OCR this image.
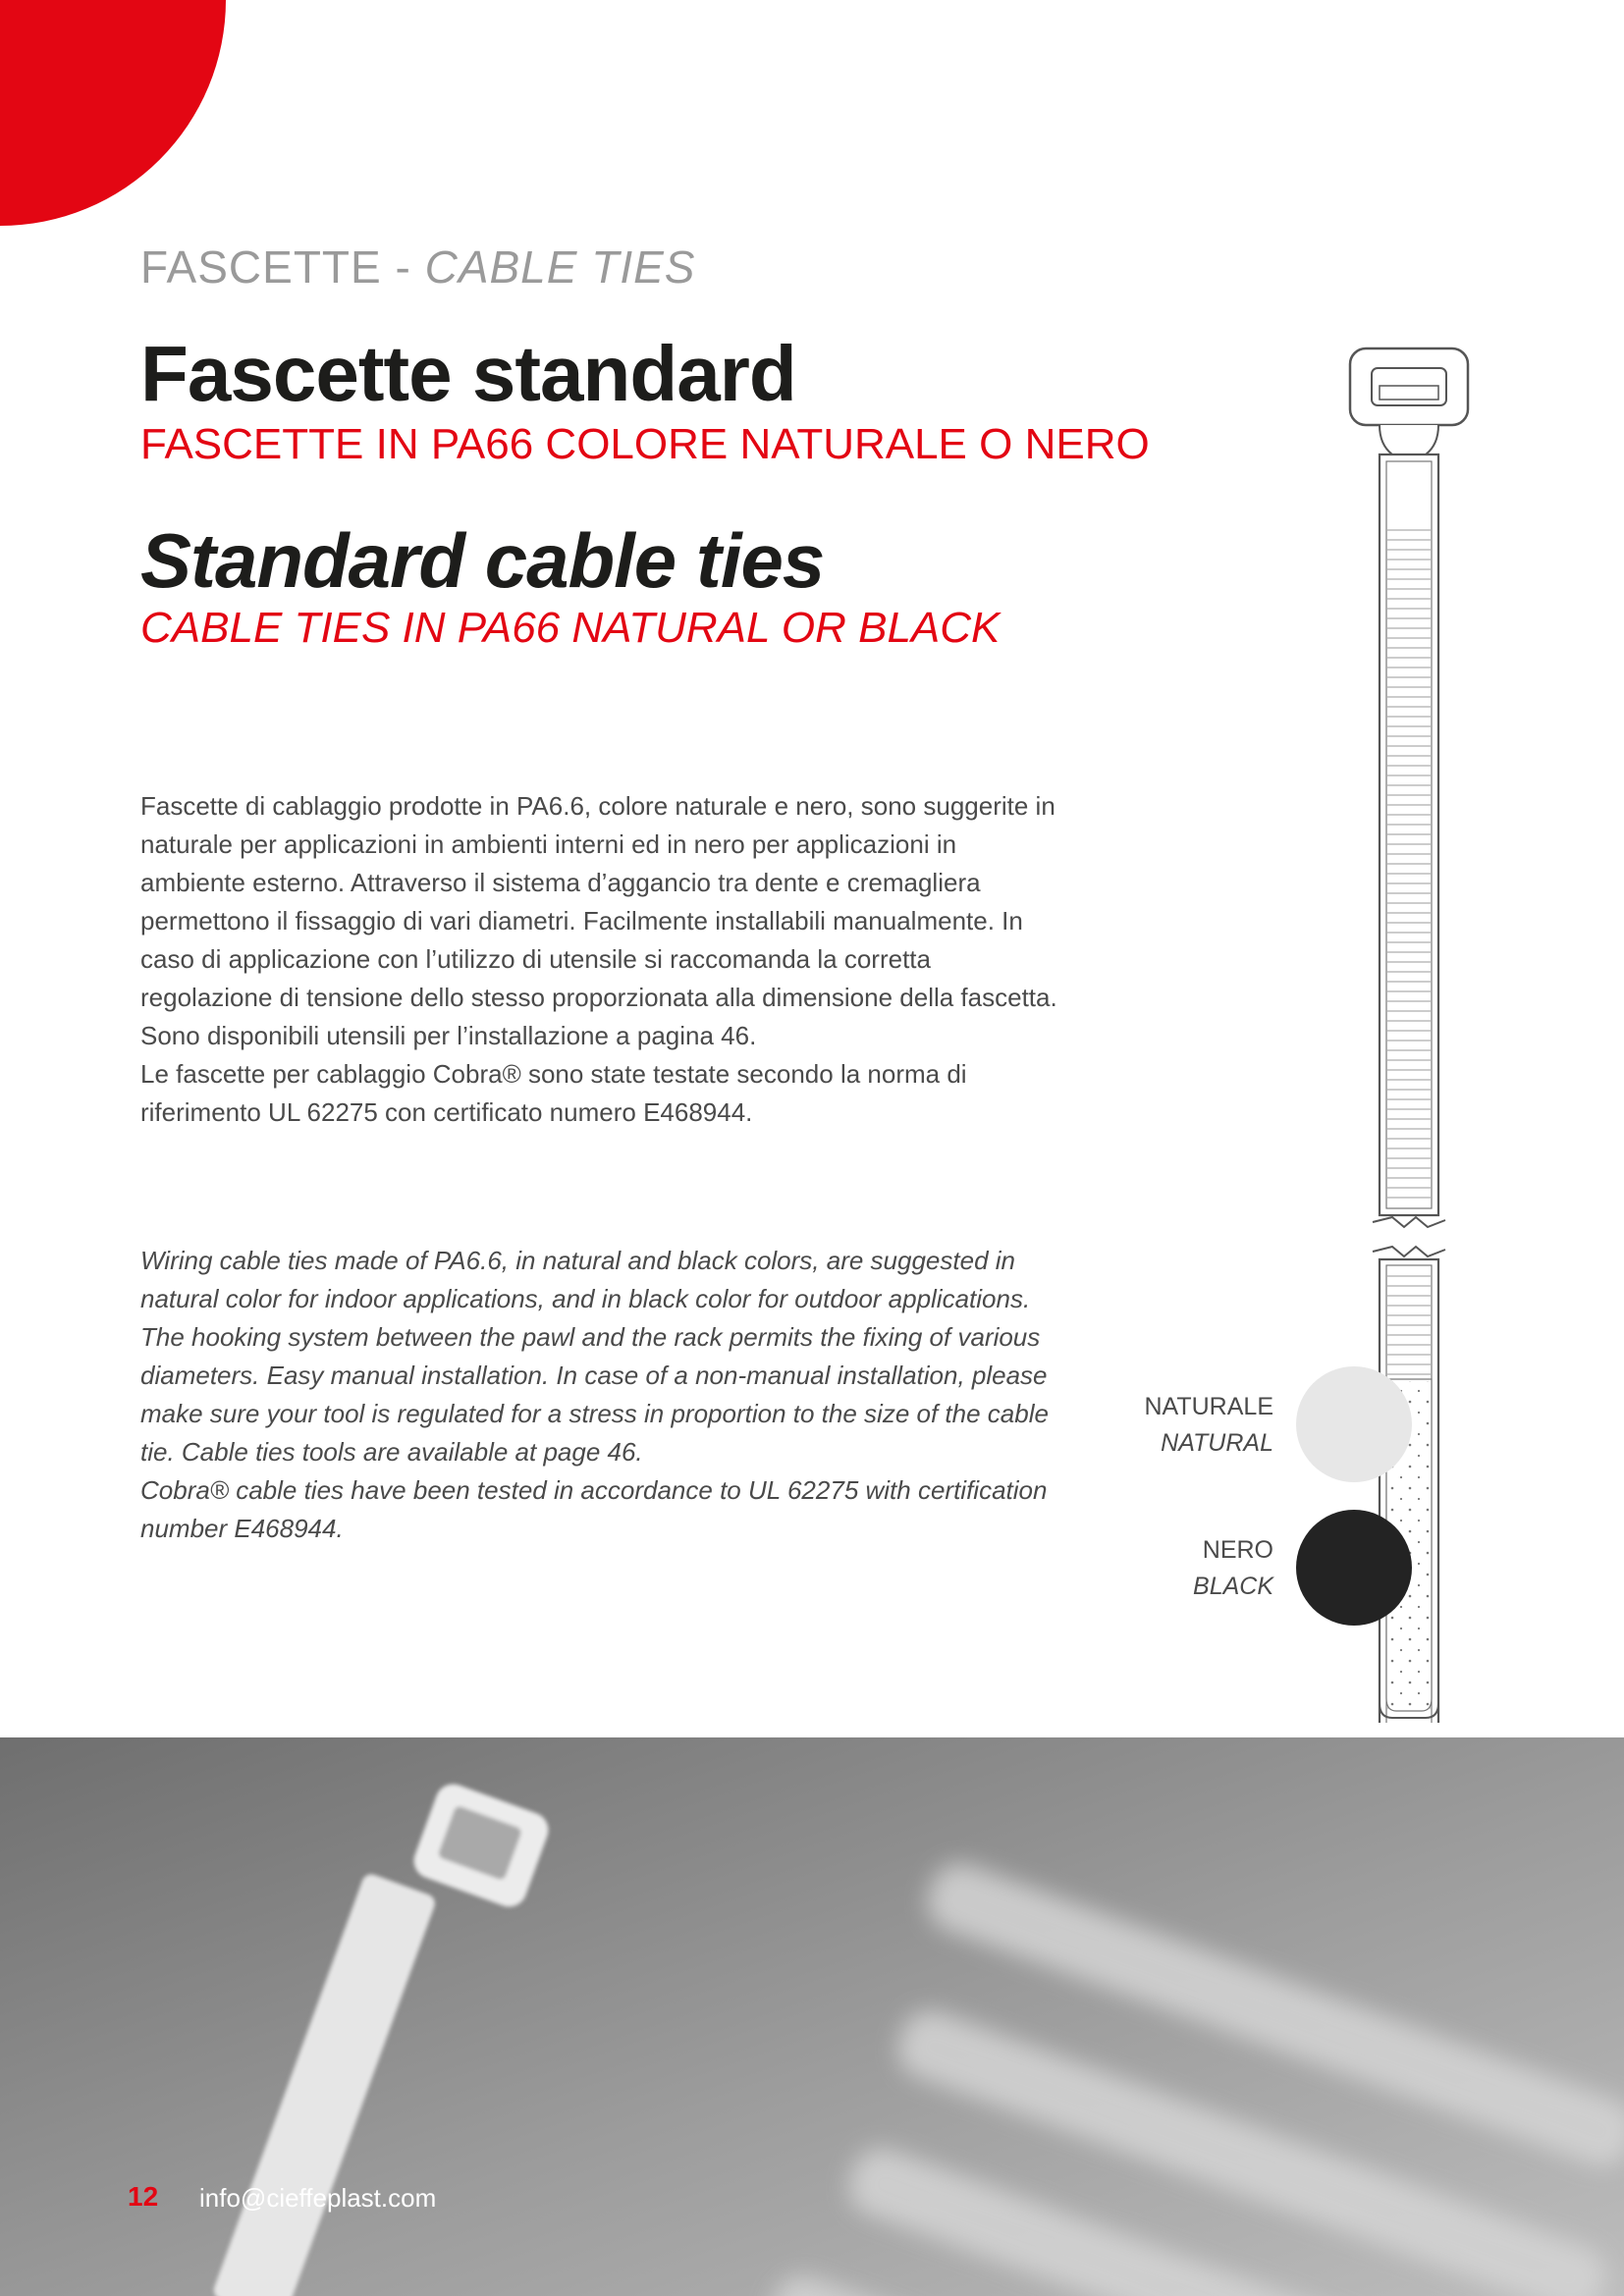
FASCETTE - CABLE TIES
Fascette standard
FASCETTE IN PA66 COLORE NATURALE O NERO
Standard cable ties
CABLE TIES IN PA66 NATURAL OR BLACK

Fascette di cablaggio prodotte in PA6.6, colore naturale e nero, sono suggerite in naturale per applicazioni in ambienti interni ed in nero per applicazioni in ambiente esterno. Attraverso il sistema d’aggancio tra dente e cremagliera permettono il fissaggio di vari diametri. Facilmente installabili manualmente. In caso di applicazione con l’utilizzo di utensile si raccomanda la corretta regolazione di tensione dello stesso proporzionata alla dimensione della fascetta. Sono disponibili utensili per l’installazione a pagina 46.

Le fascette per cablaggio Cobra® sono state testate secondo la norma di riferimento UL 62275 con certificato numero E468944.

Wiring cable ties made of PA6.6, in natural and black colors, are suggested in natural color for indoor applications, and in black color for outdoor applications. The hooking system between the pawl and the rack permits the fixing of various diameters. Easy manual installation. In case of a non-manual installation, please make sure your tool is regulated for a stress in proportion to the size of the cable tie. Cable ties tools are available at page 46.

Cobra® cable ties have been tested in accordance to UL 62275 with certification number E468944.

NATURALE
NATURAL
NERO
BLACK
12 info@cieffeplast.com
